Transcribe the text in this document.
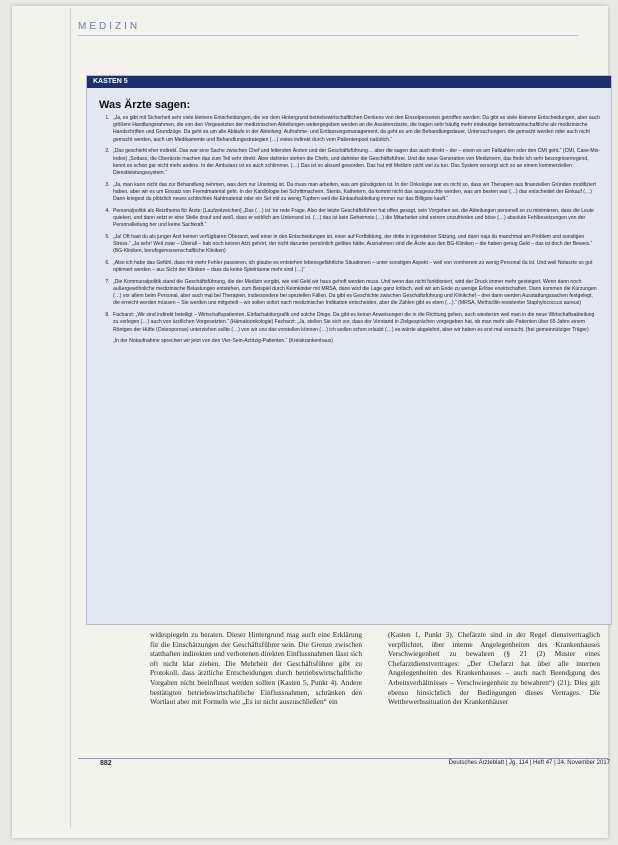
MEDIZIN
KASTEN 5
Was Ärzte sagen:
1. „Ja, es gibt mit Sicherheit sehr viele kleinere Entscheidungen, die vor dem Hintergrund betriebswirtschaftlichen Denkens von den Einzelpersonen getroffen werden. Da gibt es viele kleinere Entscheidungen, aber auch größere Handlungsrahmen, die von den Vorgesetzten der medizinischen Abteilungen weitergegeben werden an die Assistenzärzte, die tragen sehr häufig mehr eindeutige betriebswirtschaftliche als medizinische Handschriften und Grundzüge. Da geht es um alle Abläufe in der Abteilung: Aufnahme- und Entlassungsmanagement, da geht es um die Behandlungsdauer, Untersuchungen, die gemacht werden oder auch nicht gemacht werden, auch um Medikamente und Behandlungsstrategien (…) vieles indirekt durch vom Patientenpool natürlich.“
2. „Das geschieht eher indirekt. Das war eine Sache zwischen Chef und leitenden Ärzten und der Geschäftsführung… aber die sagen das auch direkt – der – eisen es am Fallzahlen oder den CMI geht.“ (CMI, Case-Mix-Index) „Sodass, die Oberärzte machen das zum Teil sehr direkt. Aber dahinter stehen die Chefs, und dahinter die Geschäftsführer. Und die neue Generation von Medizinern, das finde ich sehr besorgniserregend, kennt es schon gar nicht mehr anders. In der Ambulanz ist es auch schlimmer. (…) Das ist so absurd geworden. Das hat mit Medizin nicht viel zu tun. Das System versorgt sich so an einem kommerziellen Dienstleistungssystem.“
3. „Ja, man kann nicht das zur Behandlung nehmen, was dem nur Unsinnig ist. Da muss man arbeiten, was am günstigsten ist. In der Onkologie war es nicht so, dass wir Therapien aus finanziellen Gründen modifiziert haben, aber wir es um Einsatz von Fremdmaterial geht. In der Kardiologie bei Schrittmachern, Stents, Kathetern, da kommt nicht das ausgesuchte werden, was am besten war (…) das entscheidet der Einkauf (…) Dann kriegest du plötzlich neues schlechtes Nahtmaterial oder ein Set mit zu wenig Tupfern weil die Einkaufsabteilung immer nur das Billigste kauft.“
4. Personalpolitik als Reizthema für Ärzte: [Laufzeitzeichen] „Das (…) ist ‘ne rede Frage. Also der letzte Geschäftsführer hat offen gesagt, sein Vorgehen sei, die Abteilungen personell so zu minimieren, dass die Leute quieken, und dann setzt er eine Stelle drauf und weiß, dass er wirklich am Unterrand ist. (…) das ist kein Geheimnis (…) die Mitarbeiter sind extrem unzufrieden und böse (…) absolute Fehlbesetzungen von der Personalleitung her und keine Sachkraft.“
5. „Ja! Oft hast du als junger Arzt keinen verfügbaren Oberarzt, weil einer in den Entscheidungen ist, einer auf Fortbildung, der dritte in irgendeiner Sitzung, und dann naja du manchmal am Problem und sonstigen Stress.“ „Ja sehr! Weil zwar – Überall – hab noch keinen Arzt gehört, der nicht darunter persönlich gelitten hätte. Ausnahmen sind die Ärzte aus den BG-Kliniken – die haben genug Geld – das ist doch der Beweis.“ (BG-Kliniken, berufsgenossenschaftliche Kliniken)
6. „Also ich habe das Gefühl, dass mir mehr Fehler passieren, ich glaube es entstehen lebensgefährliche Situationen – unter sonstigen Aspekt – weil von vornherein zu wenig Personal da ist. Und weil Notarzte so gut optimiert werden – aus Sicht der Kliniken – dass da keine Spielräume mehr sind (…)“
7. „Die Kommunalpolitik stand die Geschäftsführung, die der Medizin vorgibt, wie viel Geld wir haus gehoft werden muss. Und wenn das nicht funktioniert, wird der Druck immer mehr gesteigert. Wenn dann noch außergewöhnliche medizinische Belastungen entstehen, zum Beispiel durch Keimkinder mit MRSA, dann wird die Lage ganz kritisch, weil wir am Ende zu wenige Erlöse erwirtschaften. Dann kommen die Kürzungen (…) vor allem beim Personal, aber auch mal bei Therapien, insbesondere bei speziellen Fällen. Da gibt es Geschichte zwischen Geschäftsführung und Klinikchef – drei dann werden Ausstattungssachen festgelegt, die erreicht werden müssen – Sie werden uns mitgeteilt – wir sollen sofort nach medizinischer Indikation entscheiden, aber die Zahlen gibt es eben (…).“ (MRSA, Methicillin-resistenter Staphylococcus aureus)
8. Facharzt: „Wir sind indirekt beteiligt – Wirtschaftspatienten, Einfachabiturgrafik und solche Dinge. Da gibt es keiner Anweisungen die in die Richtung gehen, auch wiederum weil man in die neue Wirtschaftsabteilung zu verlegen (…) auch von ärztlichen Vorgesetzten.“ (Hämatoonkologie) Facharzt: „Ja, stellen Sie sich vor, dass der Vorstand in Zielgesprächen vorgegeben hat, ob man mehr alle Patienten über 65 Jahre einem Röntgen der Hüfte (Osteoporose) unterziehen sollte (…) von wir uns das vorstellen können (…) ich wollen schon erlaubt (…) es würde abgelehnt, aber wir haben es erst mal versucht. (frei gemeinnütziger Träger)
„In der Notaufnahme sprechen wir jetzt von den Vier-Sein-Achtzig-Patienten.“ (Kreiskrankenhaus)
widespiegeln zu beraten. Dieser Hintergrund mag auch eine Erklärung für die Einschätzungen der Geschäftsführer sein. Die Grenze zwischen statthaften indirekten und verbotenen direkten Einflussnahmen lässt sich oft nicht klar ziehen. Die Mehrheit der Geschäftsführer gibt zu Protokoll, dass ärztliche Entscheidungen durch betriebswirtschaftliche Vorgaben nicht beeinflusst werden sollten (Kasten 5, Punkt 4). Andere bestätigten betriebswirtschaftliche Einflussnahmen, schränken den Wortlaut aber mit Formeln wie „Es ist nicht auszuschließen“ ein
(Kasten 1, Punkt 3). Chefärzte sind in der Regel dienstvertraglich verpflichtet, über interne Angelegenheiten des Krankenhauses Verschwiegenheit zu bewahren (§ 21 (2) Muster eines Chefarztdienstvertrages: „Der Chefarzt hat über alle internen Angelegenheiten des Krankenhauses – auch nach Beendigung des Arbeitsverhältnisses – Verschwiegenheit zu bewahren“) (21). Dies gilt ebenso hinsichtlich der Bedingungen dieses Vertrages. Die Wettbewerbssituation der Krankenhäuser
882	Deutsches Ärzteblatt | Jg. 114 | Heft 47 | 24. November 2017
